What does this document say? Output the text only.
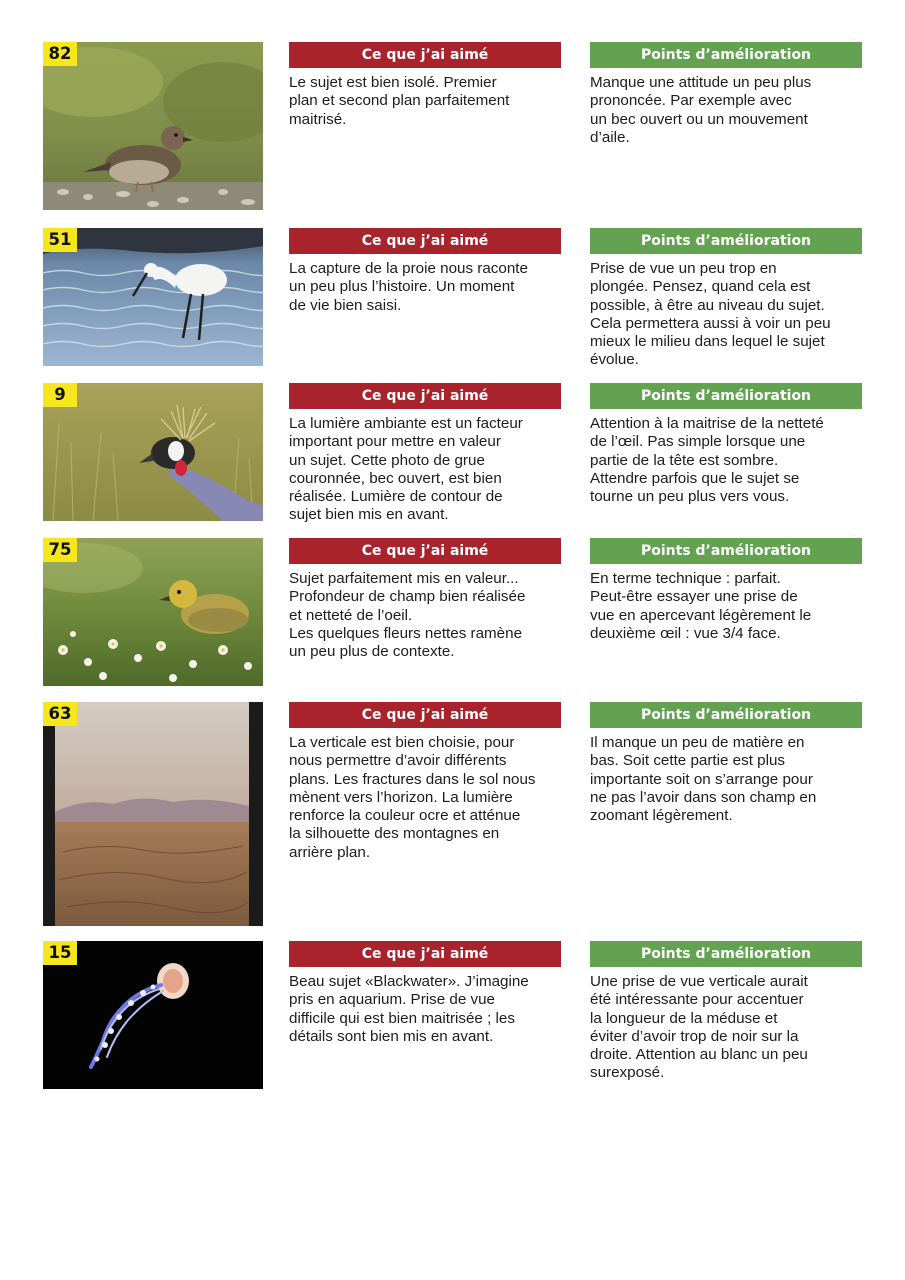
82	Ce que j’ai aimé
Le sujet est bien isolé. Premier
plan et second plan parfaitement
maitrisé.
Points d’amélioration
Manque une attitude un peu plus
prononcée. Par exemple avec
un bec ouvert ou un mouvement
d’aile.
51	Ce que j’ai aimé
La capture de la proie nous raconte
un peu plus l’histoire. Un moment
de vie bien saisi.
Points d’amélioration
Prise de vue un peu trop en
plongée. Pensez, quand cela est
possible, à être au niveau du sujet.
Cela permettera aussi à voir un peu
mieux le milieu dans lequel le sujet
évolue.
9	Ce que j’ai aimé
La lumière ambiante est un facteur
important pour mettre en valeur
un sujet. Cette photo de grue
couronnée, bec ouvert, est bien
réalisée. Lumière de contour de
sujet bien mis en avant.
Points d’amélioration
Attention à la maitrise de la netteté
de l’œil. Pas simple lorsque une
partie de la tête est sombre.
Attendre parfois que le sujet se
tourne un peu plus vers vous.
75	Ce que j’ai aimé
Sujet parfaitement mis en valeur...
Profondeur de champ bien réalisée
et netteté de l’oeil.
Les quelques fleurs nettes ramène
un peu plus de contexte.
Points d’amélioration
En terme technique : parfait.
Peut-être essayer une prise de
vue en apercevant légèrement le
deuxième œil : vue 3/4 face.
63	Ce que j’ai aimé
La verticale est bien choisie, pour
nous permettre d’avoir différents
plans. Les fractures dans le sol nous
mènent vers l’horizon. La lumière
renforce la couleur ocre et atténue
la silhouette des montagnes en
arrière plan.
Points d’amélioration
Il manque un peu de matière en
bas. Soit cette partie est plus
importante soit on s’arrange pour
ne pas l’avoir dans son champ en
zoomant légèrement.
15	Ce que j’ai aimé
Beau sujet «Blackwater». J’imagine
pris en aquarium. Prise de vue
difficile qui est bien maitrisée ; les
détails sont bien mis en avant.
Points d’amélioration
Une prise de vue verticale aurait
été intéressante pour accentuer
la longueur de la méduse et
éviter d’avoir trop de noir sur la
droite. Attention au blanc un peu
surexposé.
